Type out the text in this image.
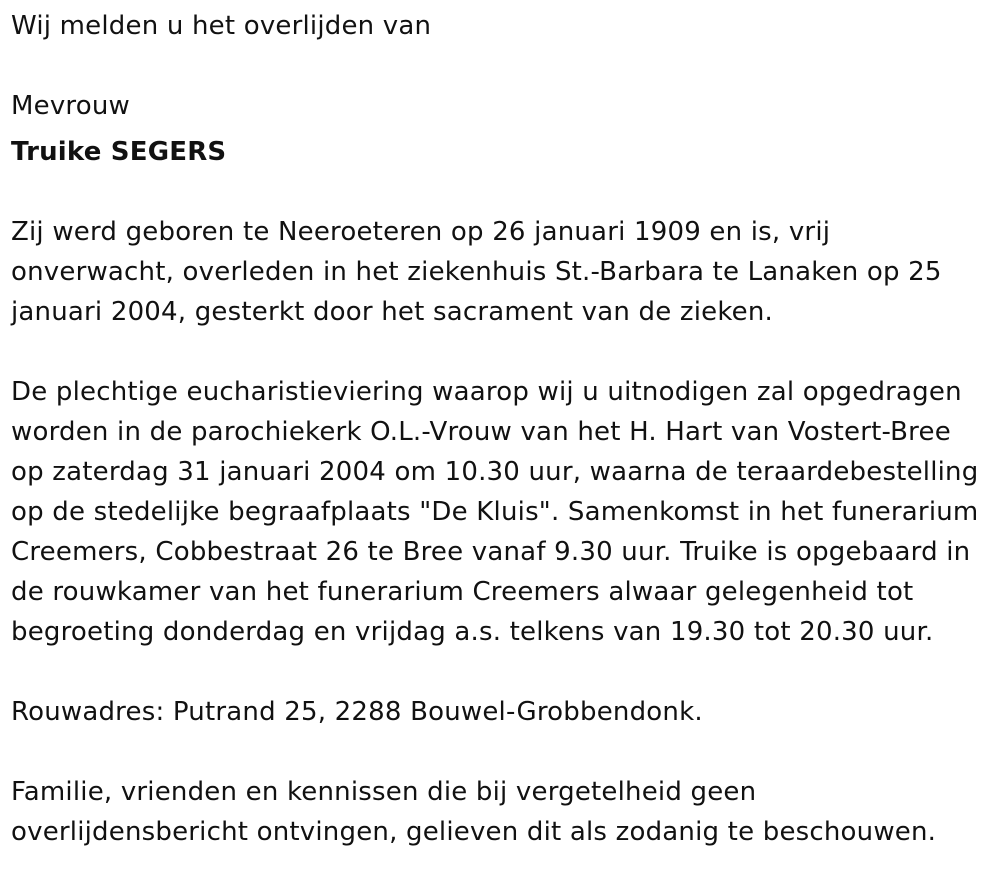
Wij melden u het overlijden van

Mevrouw

Truike SEGERS

Zij werd geboren te Neeroeteren op 26 januari 1909 en is, vrij

onverwacht, overleden in het ziekenhuis St.-Barbara te Lanaken op 25

januari 2004, gesterkt door het sacrament van de zieken.

De plechtige eucharistieviering waarop wij u uitnodigen zal opgedragen

worden in de parochiekerk O.L.-Vrouw van het H. Hart van Vostert-Bree

op zaterdag 31 januari 2004 om 10.30 uur, waarna de teraardebestelling

op de stedelijke begraafplaats "De Kluis". Samenkomst in het funerarium

Creemers, Cobbestraat 26 te Bree vanaf 9.30 uur. Truike is opgebaard in

de rouwkamer van het funerarium Creemers alwaar gelegenheid tot

begroeting donderdag en vrijdag a.s. telkens van 19.30 tot 20.30 uur.

Rouwadres: Putrand 25, 2288 Bouwel-Grobbendonk.

Familie, vrienden en kennissen die bij vergetelheid geen

overlijdensbericht ontvingen, gelieven dit als zodanig te beschouwen.
